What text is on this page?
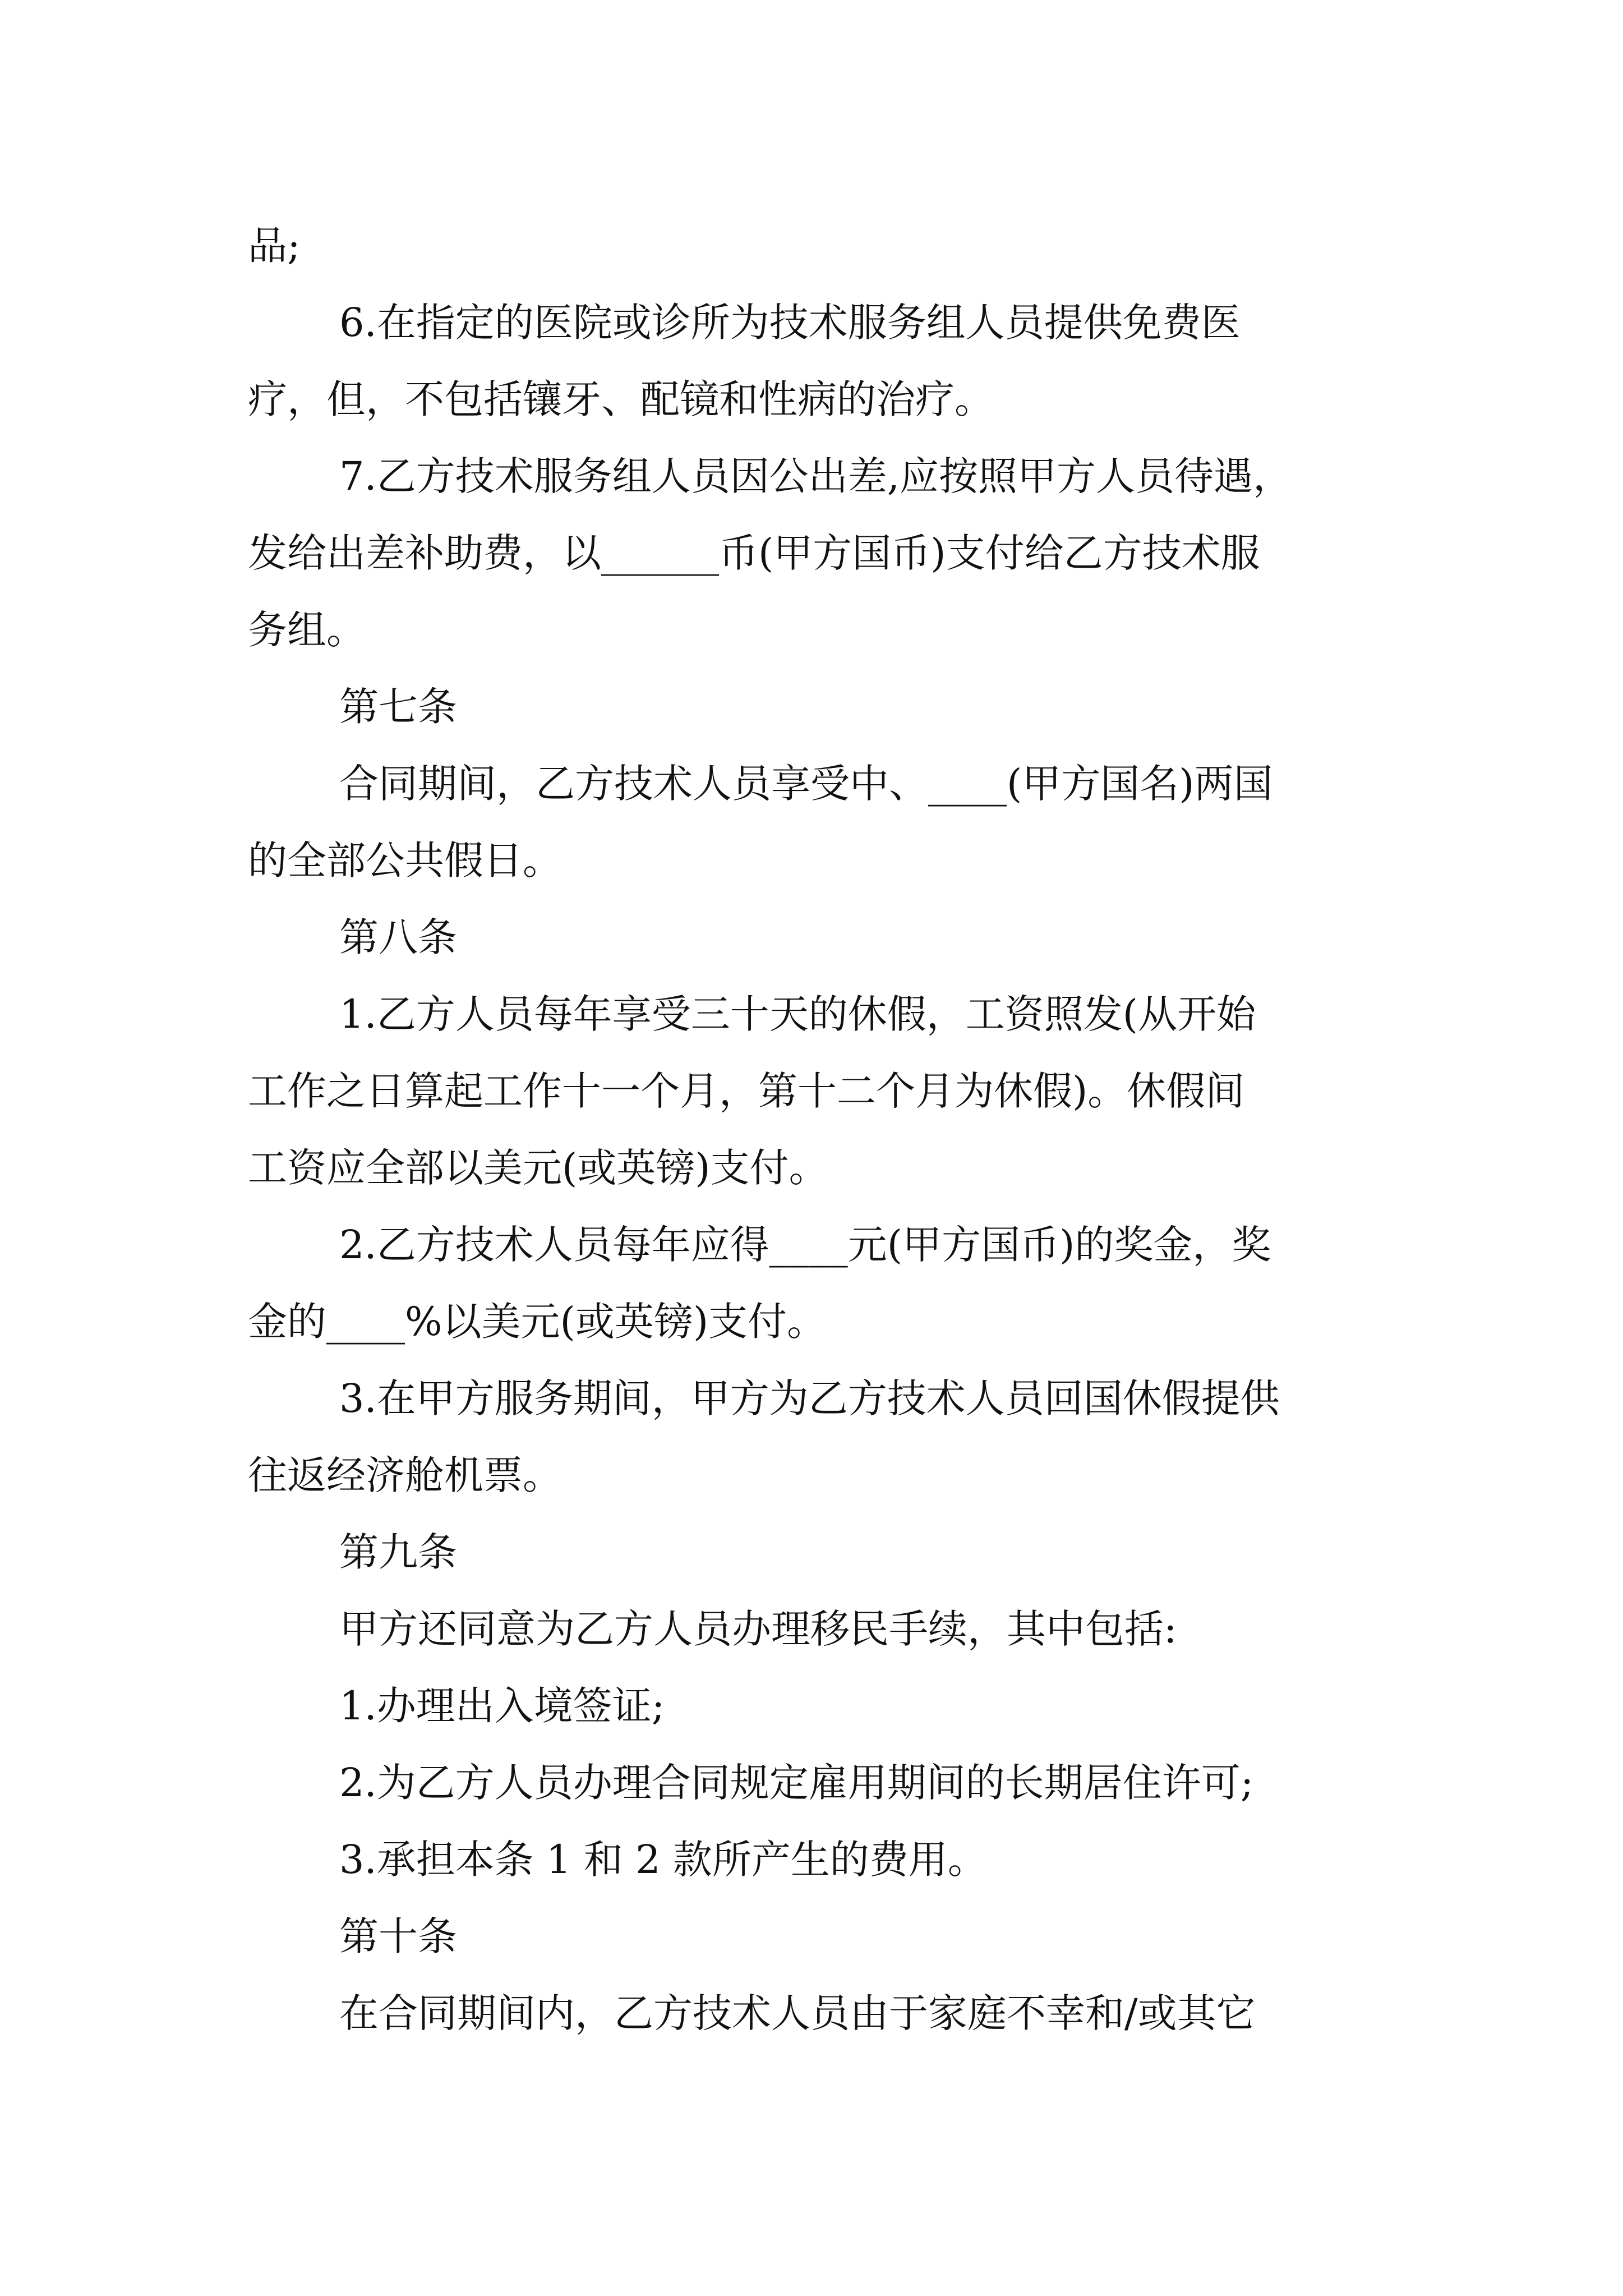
品;
6.在指定的医院或诊所为技术服务组人员提供免费医
疗，但，不包括镶牙、配镜和性病的治疗。
7.乙方技术服务组人员因公出差,应按照甲方人员待遇，
发给出差补助费，以______币(甲方国币)支付给乙方技术服
务组。
第七条
合同期间，乙方技术人员享受中、____(甲方国名)两国
的全部公共假日。
第八条
1.乙方人员每年享受三十天的休假，工资照发(从开始
工作之日算起工作十一个月，第十二个月为休假)。休假间
工资应全部以美元(或英镑)支付。
2.乙方技术人员每年应得____元(甲方国币)的奖金，奖
金的____%以美元(或英镑)支付。
3.在甲方服务期间，甲方为乙方技术人员回国休假提供
往返经济舱机票。
第九条
甲方还同意为乙方人员办理移民手续，其中包括:
1.办理出入境签证;
2.为乙方人员办理合同规定雇用期间的长期居住许可;
3.承担本条 1 和 2 款所产生的费用。
第十条
在合同期间内，乙方技术人员由于家庭不幸和/或其它
